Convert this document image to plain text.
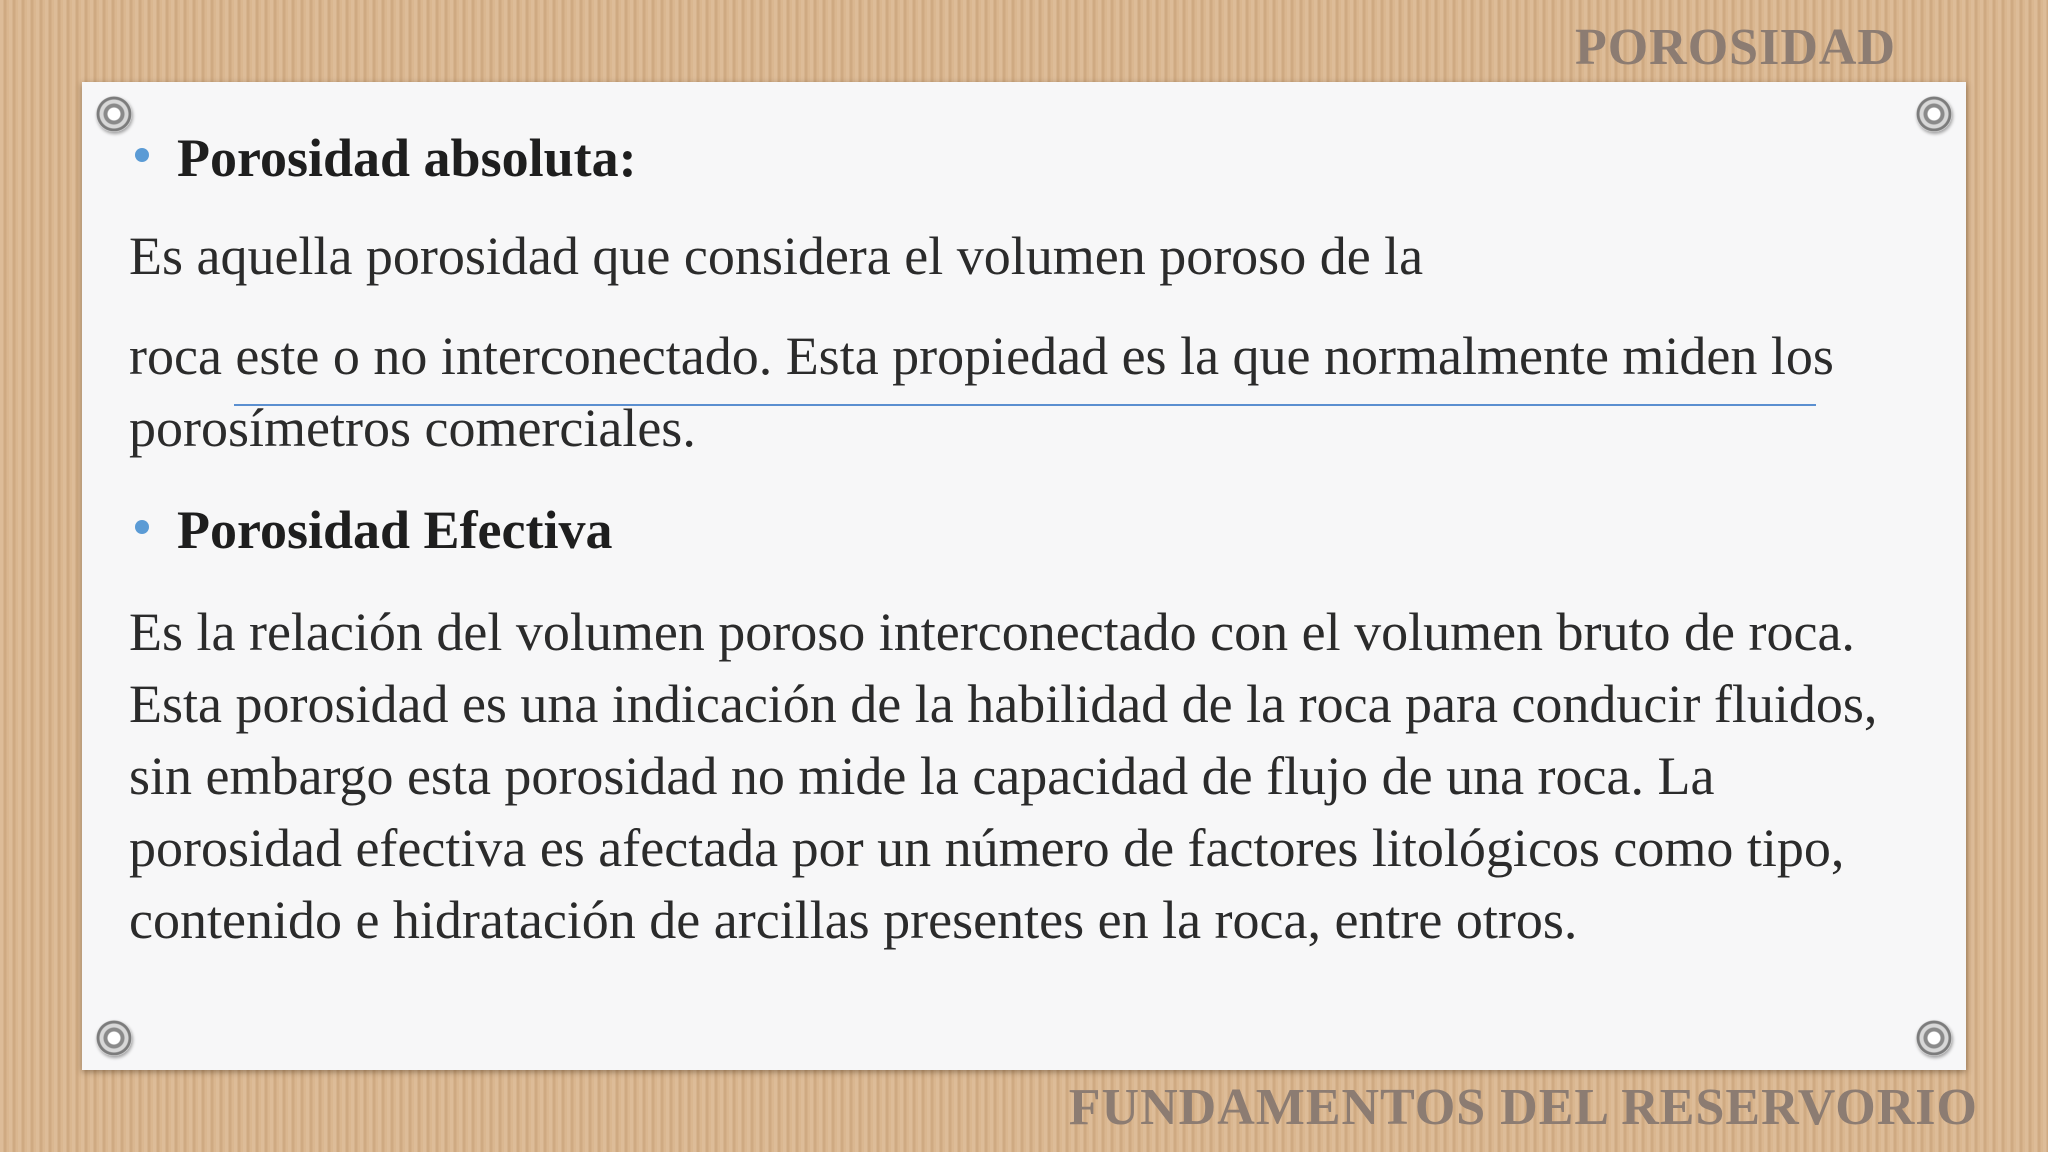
POROSIDAD

Porosidad absoluta:

Es aquella porosidad que considera el volumen poroso de la

roca este o no interconectado. Esta propiedad es la que normalmente miden los porosímetros comerciales.

Porosidad Efectiva

Es la relación del volumen poroso interconectado con el volumen bruto de roca. Esta porosidad es una indicación de la habilidad de la roca para conducir fluidos, sin embargo esta porosidad no mide la capacidad de flujo de una roca. La porosidad efectiva es afectada por un número de factores litológicos como tipo, contenido e hidratación de arcillas presentes en la roca, entre otros.

FUNDAMENTOS DEL RESERVORIO
